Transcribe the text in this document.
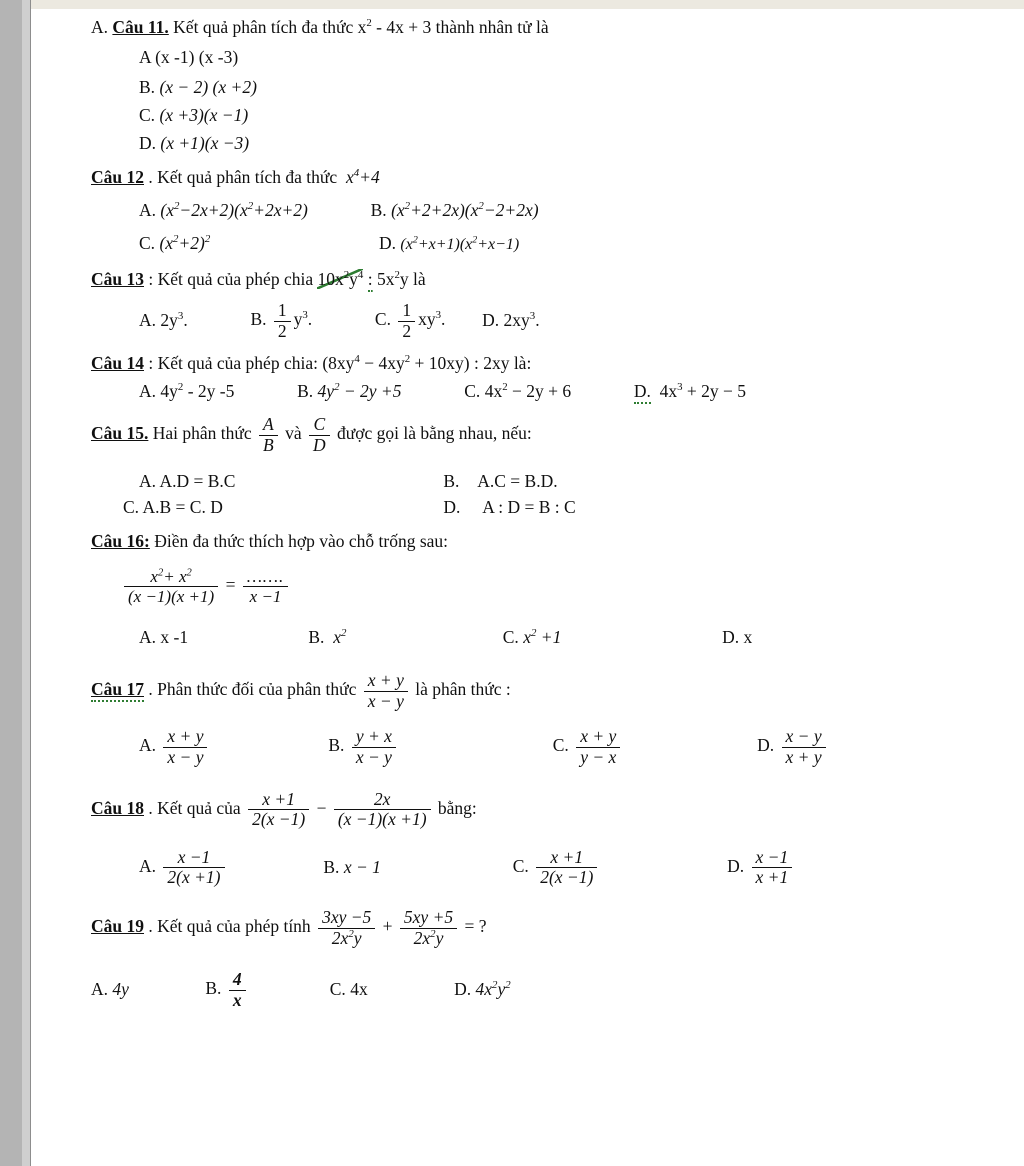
A. Câu 11. Kết quả phân tích đa thức $x^2 - 4x + 3$ thành nhân tử là
A (x -1) (x -3)
B. (x − 2) (x +2)
C. (x +3)(x −1)
D. (x +1)(x −3)
Câu 12 . Kết quả phân tích đa thức  $x^4+4$
A. $(x^2-2x+2)(x^2+2x+2)$	B. $(x^2+2+2x)(x^2-2+2x)$
C. $(x^2+2)^2$	D. $(x^2+x+1)(x^2+x-1)$
Câu 13 : Kết quả của phép chia $10x^2y^4$ : $5x^2y$ là
A. $2y^3$.	B. $\frac{1}{2} y^3$.	C. $\frac{1}{2} xy^3$. D. $2xy^3$.
Câu 14 : Kết quả của phép chia: $(8xy^4 - 4xy^2 + 10xy)$ : 2xy là:
A. $4y^2 - 2y$ -5	B. $4y^2 - 2y +5$	C. $4x^2 - 2y + 6$	D.  $4x^3 + 2y - 5$
Câu 15. Hai phân thức $\frac{A}{B}$ và $\frac{C}{D}$ được gọi là bằng nhau, nếu:
A. A.D = B.C	B. A.C = B.D.
C. A.B = C. D	D. A : D = B : C
Câu 16: Điền đa thức thích hợp vào chỗ trống sau:
$\frac{x^2+ x^2}{(x -1)(x +1)} = \frac{\dots\dots.}{x -1}$
A. x -1	B.  $x^2$	C. $x^2 +1$	D. x
Câu 17 . Phân thức đối của phân thức $\frac{x + y}{x - y}$ là phân thức :
A. $\frac{x + y}{x - y}$	B. $\frac{y + x}{x - y}$	C. $\frac{x + y}{y - x}$	D. $\frac{x - y}{x + y}$
Câu 18 . Kết quả của $\frac{x +1}{2(x -1)} - \frac{2x}{(x -1)(x +1)}$ bằng:
A. $\frac{x -1}{2(x +1)}$	B. x − 1	C. $\frac{x +1}{2(x -1)}$	D. $\frac{x -1}{x +1}$
Câu 19 . Kết quả của phép tính $\frac{3xy -5}{2x^2y} + \frac{5xy +5}{2x^2y}$ = ?
A. 4y	B. $\frac{4}{x}$	C. 4x	D. $4x^2y^2$
